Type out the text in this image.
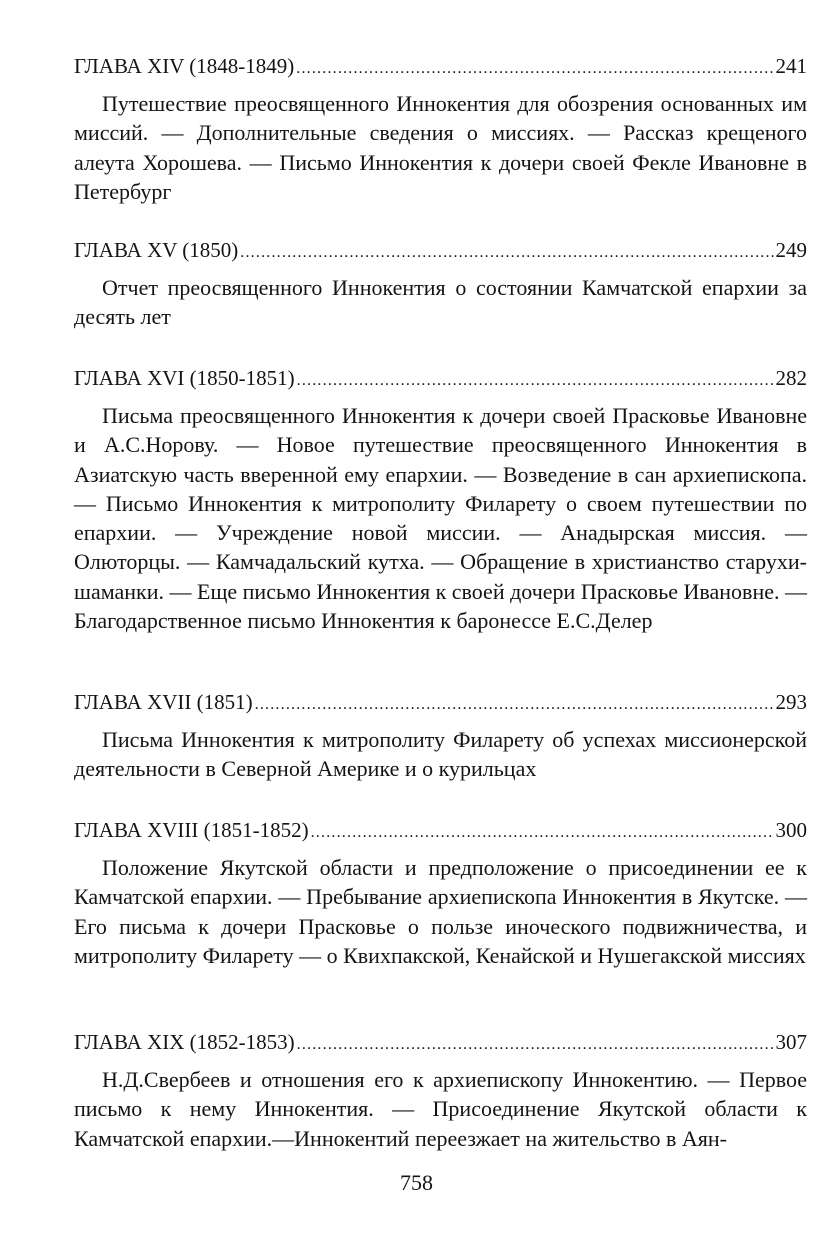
ГЛАВА XIV (1848-1849) .....	241

Путешествие преосвященного Иннокентия для обозрения основанных им миссий. — Дополнительные сведения о миссиях. — Рассказ крещеного алеута Хорошева. — Письмо Иннокентия к дочери своей Фекле Ивановне в Петербург

ГЛАВА XV (1850) .....	249

Отчет преосвященного Иннокентия о состоянии Камчатской епархии за десять лет

ГЛАВА XVI (1850-1851) .....	282

Письма преосвященного Иннокентия к дочери своей Прасковье Ивановне и А.С.Норову. — Новое путешествие преосвященного Иннокентия в Азиатскую часть вверенной ему епархии. — Возведение в сан архиепископа. — Письмо Иннокентия к митрополиту Филарету о своем путешествии по епархии. — Учреждение новой миссии. — Анадырская миссия. — Олюторцы. — Камчадальский кутха. — Обращение в христианство старухи-шаманки. — Еще письмо Иннокентия к своей дочери Прасковье Ивановне. — Благодарственное письмо Иннокентия к баронессе Е.С.Делер

ГЛАВА XVII (1851) .....	293

Письма Иннокентия к митрополиту Филарету об успехах миссионерской деятельности в Северной Америке и о курильцах

ГЛАВА XVIII (1851-1852) .....	300

Положение Якутской области и предположение о присоединении ее к Камчатской епархии. — Пребывание архиепископа Иннокентия в Якутске. — Его письма к дочери Прасковье о пользе иноческого подвижничества, и митрополиту Филарету — о Квихпакской, Кенайской и Нушегакской миссиях

ГЛАВА XIX (1852-1853) .....	307

Н.Д.Свербеев и отношения его к архиепископу Иннокентию. — Первое письмо к нему Иннокентия. — Присоединение Якутской области к Камчатской епархии.—Иннокентий переезжает на жительство в Аян-

758
